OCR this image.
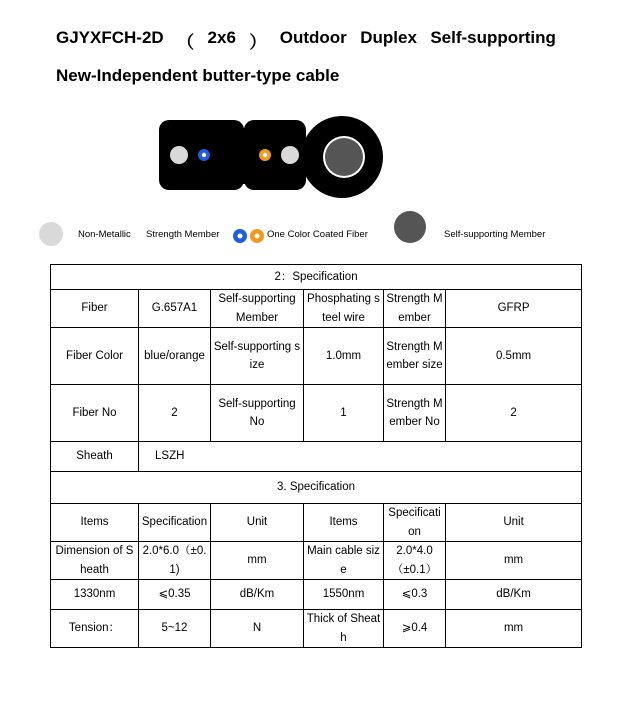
GJYXFCH-2D （ 2x6 ） Outdoor Duplex Self-supporting
New-Independent butter-type cable
Non-Metallic Strength Member	One Color Coated Fiber	Self-supporting Member
2：Specification					
Fiber	G.657A1	Self-supporting Member	Phosphating steel wire	Strength Member	GFRP
Fiber Color	blue/orange	Self-supporting size	1.0mm	Strength Member size	0.5mm
Fiber No	2	Self-supporting No	1	Strength Member No	2
Sheath	LSZH				
3. Specification					
Items	Specification	Unit	Items	Specification	Unit
Dimension of Sheath	2.0*6.0（±0.1)	mm	Main cable size	2.0*4.0（±0.1）	mm
1330nm	⩽0.35	dB/Km	1550nm	⩽0.3	dB/Km
Tension：	5~12	N	Thick of Sheath	⩾0.4	mm
